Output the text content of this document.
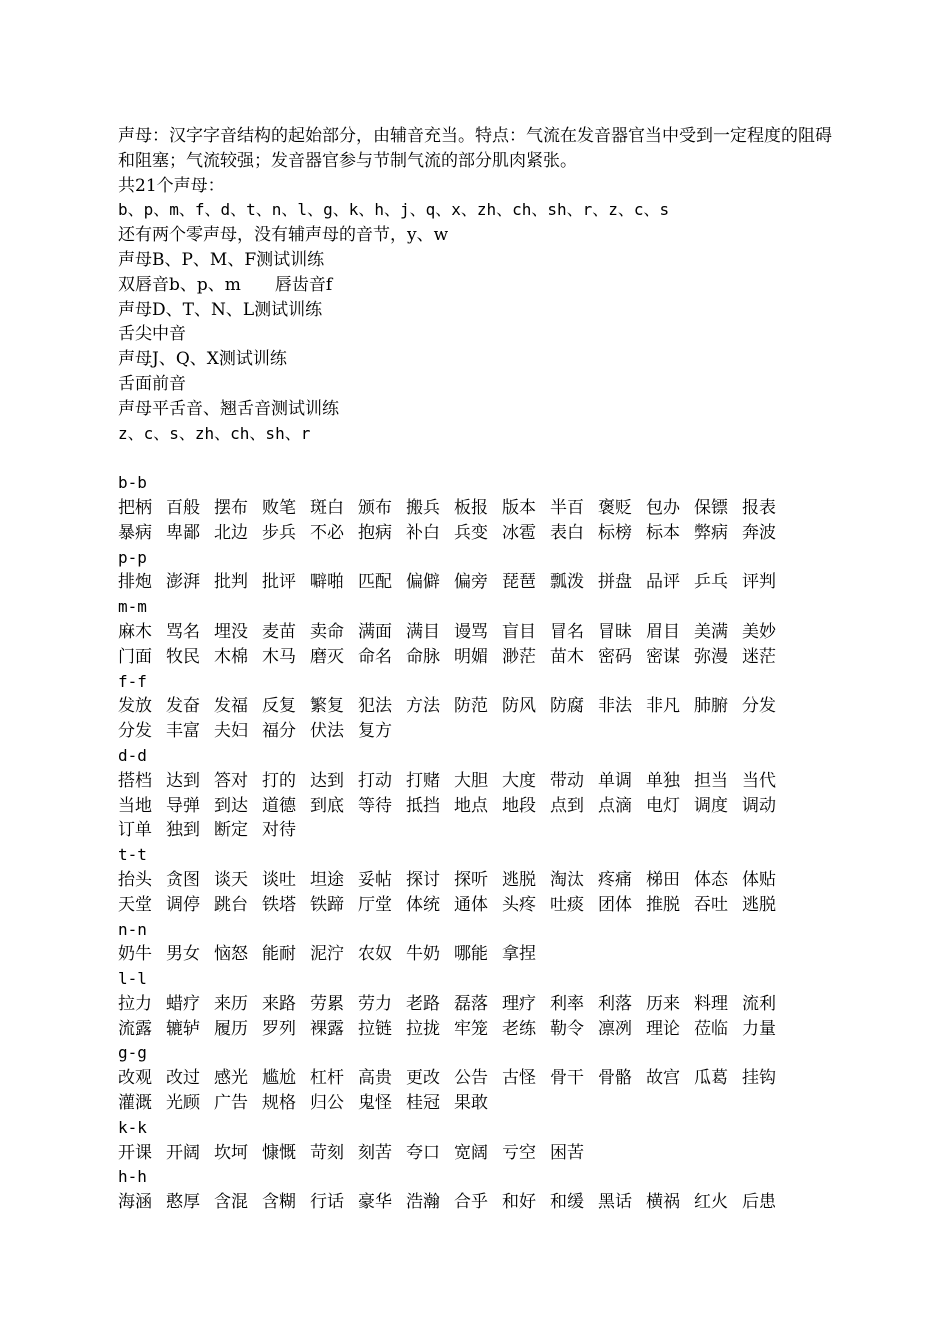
声母：汉字字音结构的起始部分，由辅音充当。特点：气流在发音器官当中受到一定程度的阻碍和阻塞；气流较强；发音器官参与节制气流的部分肌肉紧张。
共21个声母：
b、p、m、f、d、t、n、l、g、k、h、j、q、x、zh、ch、sh、r、z、c、s
还有两个零声母，没有辅声母的音节，y、w
声母B、P、M、F测试训练
双唇音b、p、m　　唇齿音f
声母D、T、N、L测试训练
舌尖中音
声母J、Q、X测试训练
舌面前音
声母平舌音、翘舌音测试训练
z、c、s、zh、ch、sh、r
b-b
把柄 百般 摆布 败笔 斑白 颁布 搬兵 板报 版本 半百 褒贬 包办 保镖 报表
暴病 卑鄙 北边 步兵 不必 抱病 补白 兵变 冰雹 表白 标榜 标本 弊病 奔波
p-p
排炮 澎湃 批判 批评 噼啪 匹配 偏僻 偏旁 琵琶 瓢泼 拼盘 品评 乒乓 评判
m-m
麻木 骂名 埋没 麦苗 卖命 满面 满目 谩骂 盲目 冒名 冒昧 眉目 美满 美妙
门面 牧民 木棉 木马 磨灭 命名 命脉 明媚 渺茫 苗木 密码 密谋 弥漫 迷茫
f-f
发放 发奋 发福 反复 繁复 犯法 方法 防范 防风 防腐 非法 非凡 肺腑 分发
分发 丰富 夫妇 福分 伏法 复方
d-d
搭档 达到 答对 打的 达到 打动 打赌 大胆 大度 带动 单调 单独 担当 当代
当地 导弹 到达 道德 到底 等待 抵挡 地点 地段 点到 点滴 电灯 调度 调动
订单 独到 断定 对待
t-t
抬头 贪图 谈天 谈吐 坦途 妥帖 探讨 探听 逃脱 淘汰 疼痛 梯田 体态 体贴
天堂 调停 跳台 铁塔 铁蹄 厅堂 体统 通体 头疼 吐痰 团体 推脱 吞吐 逃脱
n-n
奶牛 男女 恼怒 能耐 泥泞 农奴 牛奶 哪能 拿捏
l-l
拉力 蜡疗 来历 来路 劳累 劳力 老路 磊落 理疗 利率 利落 历来 料理 流利
流露 辘轳 履历 罗列 裸露 拉链 拉拢 牢笼 老练 勒令 凛冽 理论 莅临 力量
g-g
改观 改过 感光 尴尬 杠杆 高贵 更改 公告 古怪 骨干 骨骼 故宫 瓜葛 挂钩
灌溉 光顾 广告 规格 归公 鬼怪 桂冠 果敢
k-k
开课 开阔 坎坷 慷慨 苛刻 刻苦 夸口 宽阔 亏空 困苦
h-h
海涵 憨厚 含混 含糊 行话 豪华 浩瀚 合乎 和好 和缓 黑话 横祸 红火 后患
